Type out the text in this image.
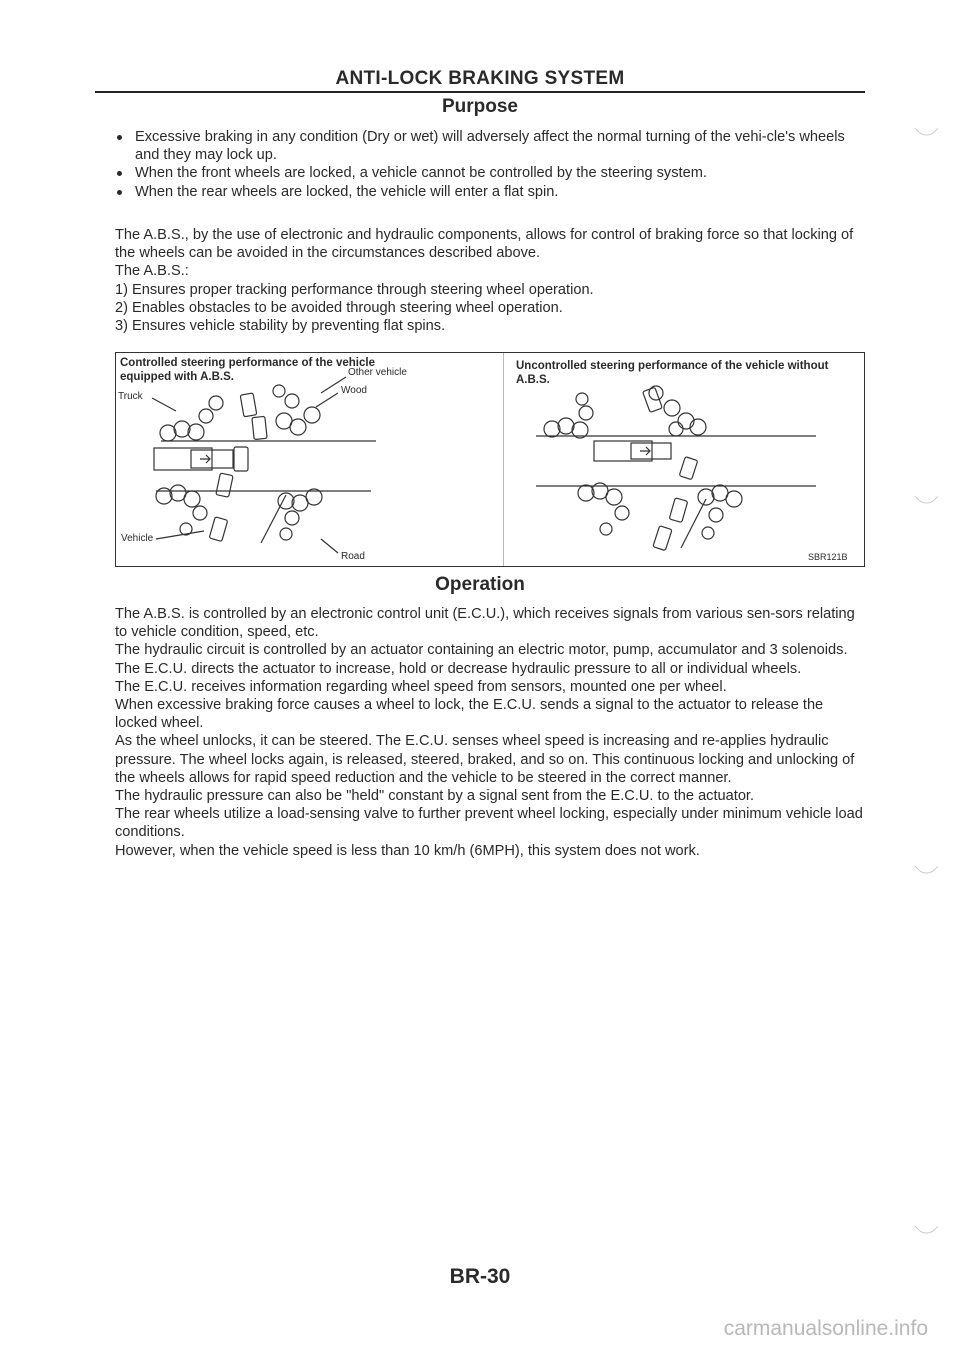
ANTI-LOCK BRAKING SYSTEM
Purpose
Excessive braking in any condition (Dry or wet) will adversely affect the normal turning of the vehi-cle's wheels and they may lock up.
When the front wheels are locked, a vehicle cannot be controlled by the steering system.
When the rear wheels are locked, the vehicle will enter a flat spin.

The A.B.S., by the use of electronic and hydraulic components, allows for control of braking force so that locking of the wheels can be avoided in the circumstances described above.

The A.B.S.:

1) Ensures proper tracking performance through steering wheel operation.
2) Enables obstacles to be avoided through steering wheel operation.
3) Ensures vehicle stability by preventing flat spins.
Controlled steering performance of the vehicle equipped with A.B.S.
Uncontrolled steering performance of the vehicle without A.B.S.
Truck
Other vehicle
Wood
Vehicle
Road	SBR121B
Operation

The A.B.S. is controlled by an electronic control unit (E.C.U.), which receives signals from various sen-sors relating to vehicle condition, speed, etc.

The hydraulic circuit is controlled by an actuator containing an electric motor, pump, accumulator and 3 solenoids. The E.C.U. directs the actuator to increase, hold or decrease hydraulic pressure to all or individual wheels.

The E.C.U. receives information regarding wheel speed from sensors, mounted one per wheel.

When excessive braking force causes a wheel to lock, the E.C.U. sends a signal to the actuator to release the locked wheel.

As the wheel unlocks, it can be steered. The E.C.U. senses wheel speed is increasing and re-applies hydraulic pressure. The wheel locks again, is released, steered, braked, and so on. This continuous locking and unlocking of the wheels allows for rapid speed reduction and the vehicle to be steered in the correct manner.

The hydraulic pressure can also be "held" constant by a signal sent from the E.C.U. to the actuator.

The rear wheels utilize a load-sensing valve to further prevent wheel locking, especially under minimum vehicle load conditions.

However, when the vehicle speed is less than 10 km/h (6MPH), this system does not work.

BR-30
carmanualsonline.info
